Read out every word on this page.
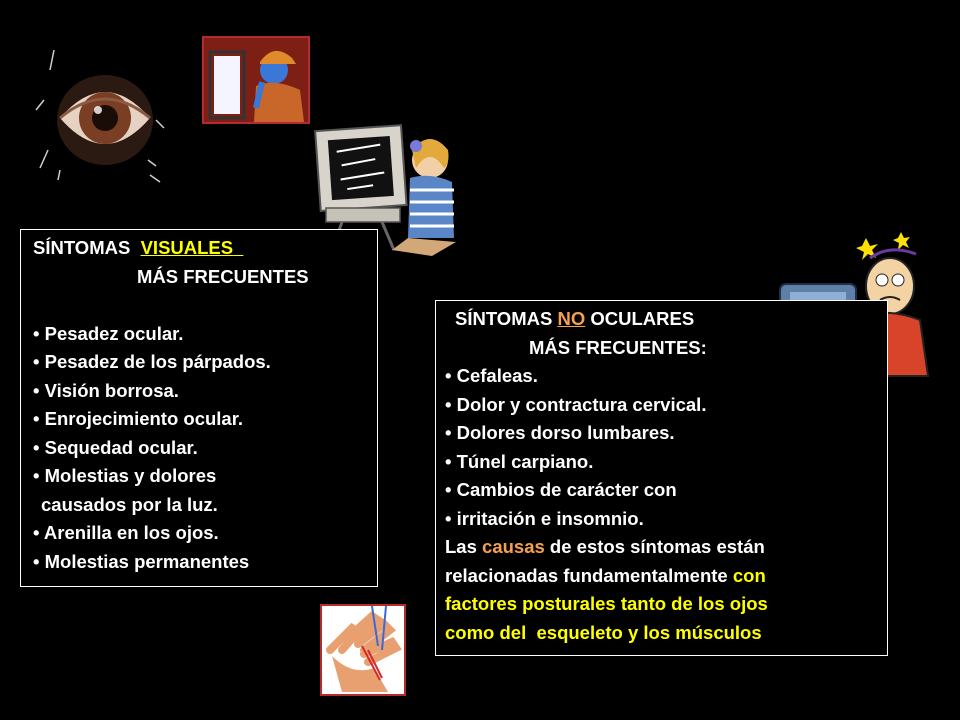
SÍNTOMAS VISUALES
MÁS FRECUENTES
• Pesadez ocular.
• Pesadez de los párpados.
• Visión borrosa.
• Enrojecimiento ocular.
• Sequedad ocular.
• Molestias y dolores
causados por la luz.
• Arenilla en los ojos.
• Molestias permanentes
SÍNTOMAS NO OCULARES
MÁS FRECUENTES:
• Cefaleas.
• Dolor y contractura cervical.
• Dolores dorso lumbares.
• Túnel carpiano.
• Cambios de carácter con
• irritación e insomnio.
Las causas de estos síntomas están
relacionadas fundamentalmente con
factores posturales tanto de los ojos
como del  esqueleto y los músculos
